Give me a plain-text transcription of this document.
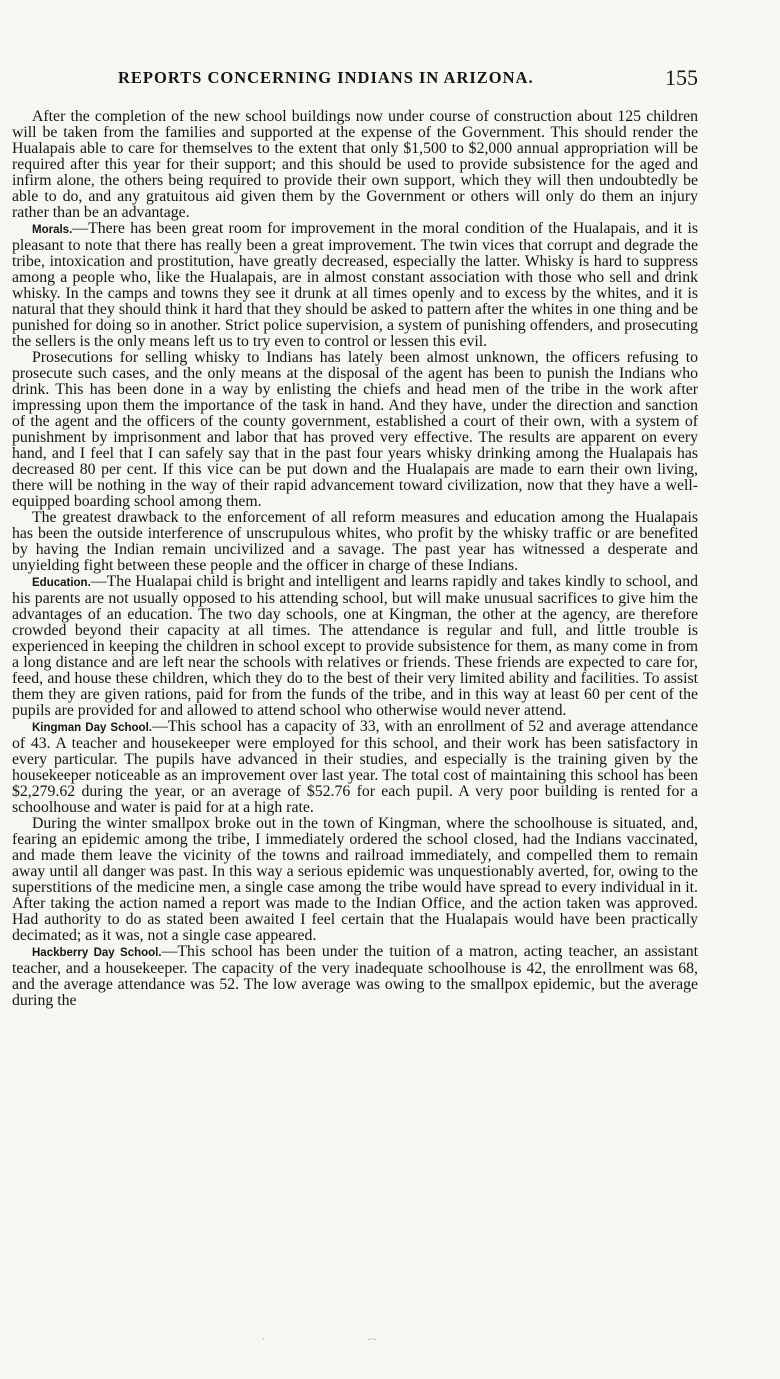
REPORTS CONCERNING INDIANS IN ARIZONA.	155

After the completion of the new school buildings now under course of construction about 125 children will be taken from the families and supported at the expense of the Government. This should render the Hualapais able to care for themselves to the extent that only $1,500 to $2,000 annual appropriation will be required after this year for their support; and this should be used to provide subsistence for the aged and infirm alone, the others being required to provide their own support, which they will then undoubtedly be able to do, and any gratuitous aid given them by the Government or others will only do them an injury rather than be an advantage.

Morals.—There has been great room for improvement in the moral condition of the Hualapais, and it is pleasant to note that there has really been a great improvement. The twin vices that corrupt and degrade the tribe, intoxication and prostitution, have greatly decreased, especially the latter. Whisky is hard to suppress among a people who, like the Hualapais, are in almost constant association with those who sell and drink whisky. In the camps and towns they see it drunk at all times openly and to excess by the whites, and it is natural that they should think it hard that they should be asked to pattern after the whites in one thing and be punished for doing so in another. Strict police supervision, a system of punishing offenders, and prosecuting the sellers is the only means left us to try even to control or lessen this evil.

Prosecutions for selling whisky to Indians has lately been almost unknown, the officers refusing to prosecute such cases, and the only means at the disposal of the agent has been to punish the Indians who drink. This has been done in a way by enlisting the chiefs and head men of the tribe in the work after impressing upon them the importance of the task in hand. And they have, under the direction and sanction of the agent and the officers of the county government, established a court of their own, with a system of punishment by imprisonment and labor that has proved very effective. The results are apparent on every hand, and I feel that I can safely say that in the past four years whisky drinking among the Hualapais has decreased 80 per cent. If this vice can be put down and the Hualapais are made to earn their own living, there will be nothing in the way of their rapid advancement toward civilization, now that they have a well-equipped boarding school among them.

The greatest drawback to the enforcement of all reform measures and education among the Hualapais has been the outside interference of unscrupulous whites, who profit by the whisky traffic or are benefited by having the Indian remain uncivilized and a savage. The past year has witnessed a desperate and unyielding fight between these people and the officer in charge of these Indians.

Education.—The Hualapai child is bright and intelligent and learns rapidly and takes kindly to school, and his parents are not usually opposed to his attending school, but will make unusual sacrifices to give him the advantages of an education. The two day schools, one at Kingman, the other at the agency, are therefore crowded beyond their capacity at all times. The attendance is regular and full, and little trouble is experienced in keeping the children in school except to provide subsistence for them, as many come in from a long distance and are left near the schools with relatives or friends. These friends are expected to care for, feed, and house these children, which they do to the best of their very limited ability and facilities. To assist them they are given rations, paid for from the funds of the tribe, and in this way at least 60 per cent of the pupils are provided for and allowed to attend school who otherwise would never attend.

Kingman Day School.—This school has a capacity of 33, with an enrollment of 52 and average attendance of 43. A teacher and housekeeper were employed for this school, and their work has been satisfactory in every particular. The pupils have advanced in their studies, and especially is the training given by the housekeeper noticeable as an improvement over last year. The total cost of maintaining this school has been $2,279.62 during the year, or an average of $52.76 for each pupil. A very poor building is rented for a schoolhouse and water is paid for at a high rate.

During the winter smallpox broke out in the town of Kingman, where the schoolhouse is situated, and, fearing an epidemic among the tribe, I immediately ordered the school closed, had the Indians vaccinated, and made them leave the vicinity of the towns and railroad immediately, and compelled them to remain away until all danger was past. In this way a serious epidemic was unquestionably averted, for, owing to the superstitions of the medicine men, a single case among the tribe would have spread to every individual in it. After taking the action named a report was made to the Indian Office, and the action taken was approved. Had authority to do as stated been awaited I feel certain that the Hualapais would have been practically decimated; as it was, not a single case appeared.

Hackberry Day School.—This school has been under the tuition of a matron, acting teacher, an assistant teacher, and a housekeeper. The capacity of the very inadequate schoolhouse is 42, the enrollment was 68, and the average attendance was 52. The low average was owing to the smallpox epidemic, but the average during the

·                                    -·-
